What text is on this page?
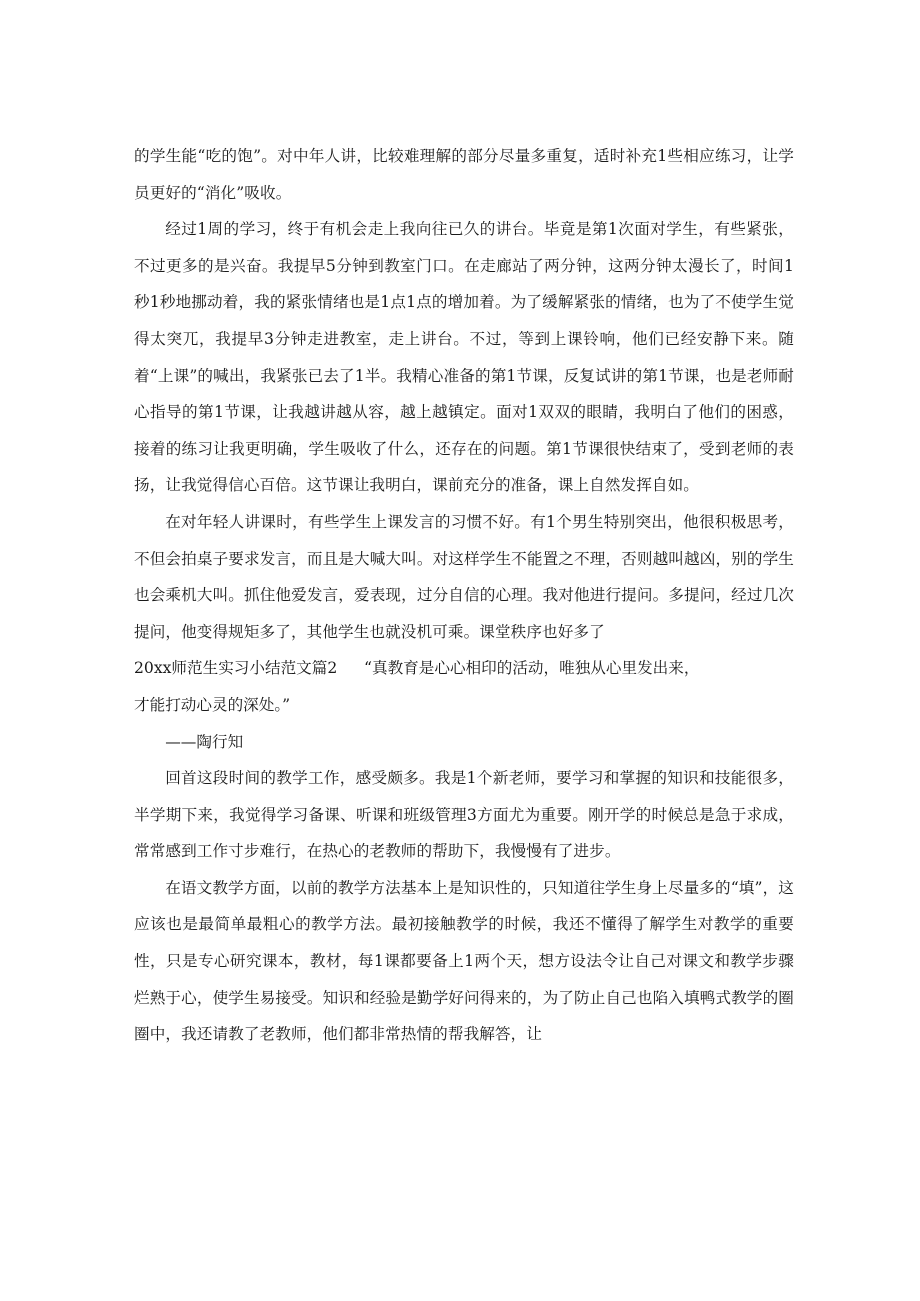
的学生能“吃的饱”。对中年人讲，比较难理解的部分尽量多重复，适时补充1些相应练习，让学员更好的“消化”吸收。

经过1周的学习，终于有机会走上我向往已久的讲台。毕竟是第1次面对学生，有些紧张，不过更多的是兴奋。我提早5分钟到教室门口。在走廊站了两分钟，这两分钟太漫长了，时间1秒1秒地挪动着，我的紧张情绪也是1点1点的增加着。为了缓解紧张的情绪，也为了不使学生觉得太突兀，我提早3分钟走进教室，走上讲台。不过，等到上课铃响，他们已经安静下来。随着“上课”的喊出，我紧张已去了1半。我精心准备的第1节课，反复试讲的第1节课，也是老师耐心指导的第1节课，让我越讲越从容，越上越镇定。面对1双双的眼睛，我明白了他们的困惑，接着的练习让我更明确，学生吸收了什么，还存在的问题。第1节课很快结束了，受到老师的表扬，让我觉得信心百倍。这节课让我明白，课前充分的准备，课上自然发挥自如。

在对年轻人讲课时，有些学生上课发言的习惯不好。有1个男生特别突出，他很积极思考，不但会拍桌子要求发言，而且是大喊大叫。对这样学生不能置之不理，否则越叫越凶，别的学生也会乘机大叫。抓住他爱发言，爱表现，过分自信的心理。我对他进行提问。多提问，经过几次提问，他变得规矩多了，其他学生也就没机可乘。课堂秩序也好多了

20xx师范生实习小结范文篇2	“真教育是心心相印的活动，唯独从心里发出来，

才能打动心灵的深处。”

——陶行知

回首这段时间的教学工作，感受颇多。我是1个新老师，要学习和掌握的知识和技能很多，半学期下来，我觉得学习备课、听课和班级管理3方面尤为重要。刚开学的时候总是急于求成，常常感到工作寸步难行，在热心的老教师的帮助下，我慢慢有了进步。

在语文教学方面，以前的教学方法基本上是知识性的，只知道往学生身上尽量多的“填”，这应该也是最简单最粗心的教学方法。最初接触教学的时候，我还不懂得了解学生对教学的重要性，只是专心研究课本，教材，每1课都要备上1两个天，想方设法令让自己对课文和教学步骤烂熟于心，使学生易接受。知识和经验是勤学好问得来的，为了防止自己也陷入填鸭式教学的圈圈中，我还请教了老教师，他们都非常热情的帮我解答，让
